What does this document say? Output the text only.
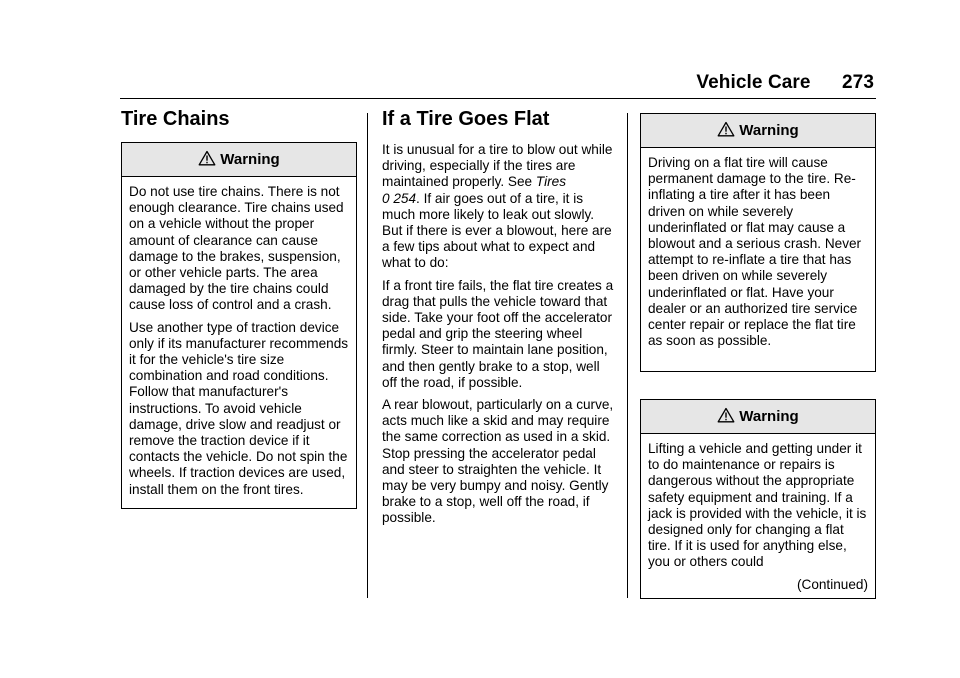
Vehicle Care 273
Tire Chains
Warning

Do not use tire chains. There is not enough clearance. Tire chains used on a vehicle without the proper amount of clearance can cause damage to the brakes, suspension, or other vehicle parts. The area damaged by the tire chains could cause loss of control and a crash.

Use another type of traction device only if its manufacturer recommends it for the vehicle's tire size combination and road conditions. Follow that manufacturer's instructions. To avoid vehicle damage, drive slow and readjust or remove the traction device if it contacts the vehicle. Do not spin the wheels. If traction devices are used, install them on the front tires.

If a Tire Goes Flat

It is unusual for a tire to blow out while driving, especially if the tires are maintained properly. See Tires
0 254. If air goes out of a tire, it is much more likely to leak out slowly. But if there is ever a blowout, here are a few tips about what to expect and what to do:

If a front tire fails, the flat tire creates a drag that pulls the vehicle toward that side. Take your foot off the accelerator pedal and grip the steering wheel firmly. Steer to maintain lane position, and then gently brake to a stop, well off the road, if possible.

A rear blowout, particularly on a curve, acts much like a skid and may require the same correction as used in a skid. Stop pressing the accelerator pedal and steer to straighten the vehicle. It may be very bumpy and noisy. Gently brake to a stop, well off the road, if possible.

Warning

Driving on a flat tire will cause permanent damage to the tire. Re-inflating a tire after it has been driven on while severely underinflated or flat may cause a blowout and a serious crash. Never attempt to re-inflate a tire that has been driven on while severely underinflated or flat. Have your dealer or an authorized tire service center repair or replace the flat tire as soon as possible.

Warning

Lifting a vehicle and getting under it to do maintenance or repairs is dangerous without the appropriate safety equipment and training. If a jack is provided with the vehicle, it is designed only for changing a flat tire. If it is used for anything else, you or others could

(Continued)
